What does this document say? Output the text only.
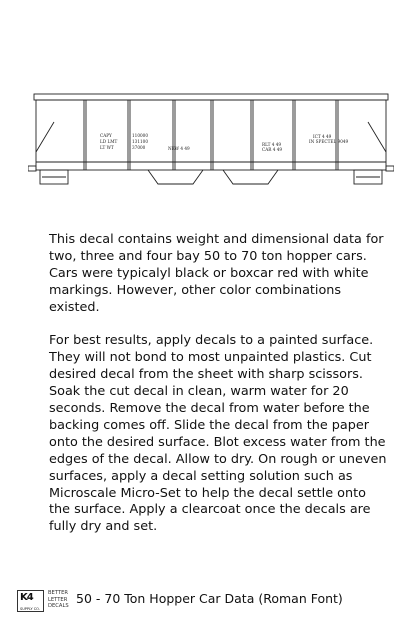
CAPY
LD LMT
LT WT
110000
131100
37000	NEW 4 49
RLT 4 49
CAR 4 49
ICT 4 49
IN SPECTEL 9049

This decal contains weight and dimensional data for two, three and four bay 50 to 70 ton hopper cars. Cars were typicalyl black or boxcar red with white markings. However, other color combinations existed.

For best results, apply decals to a painted surface. They will not bond to most unpainted plastics. Cut desired decal from the sheet with sharp scissors. Soak the cut decal in clean, warm water for 20 seconds. Remove the decal from water before the backing comes off. Slide the decal from the paper onto the desired surface. Blot excess water from the edges of the decal. Allow to dry. On rough or uneven surfaces, apply a decal setting solution such as Microscale Micro-Set to help the decal settle onto the surface. Apply a clearcoat once the decals are fully dry and set.

K4
SUPPLY CO.
BETTER
LETTER
DECALS
50 - 70 Ton Hopper Car Data (Roman Font)
